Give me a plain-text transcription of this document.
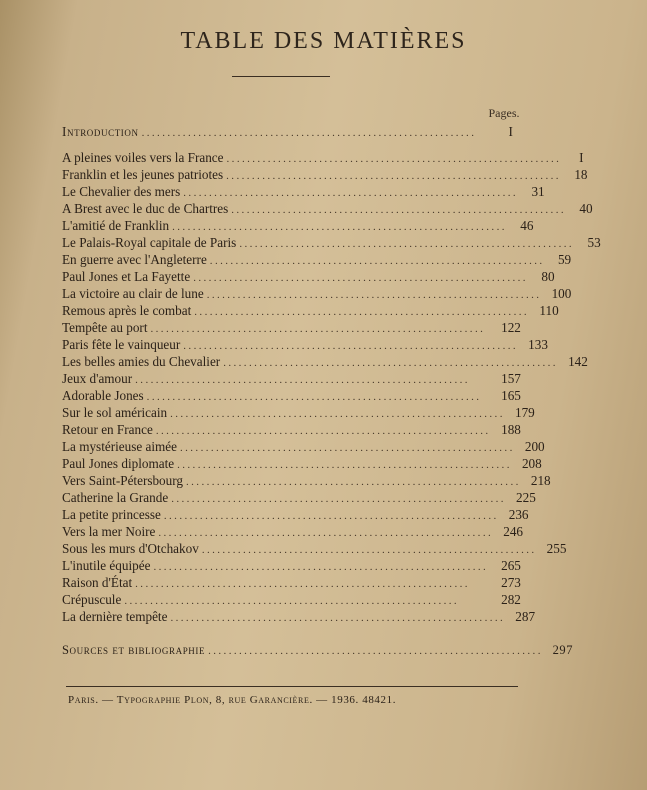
TABLE DES MATIÈRES
Pages.
Introduction .................................................................	I
A pleines voiles vers la France .................................................................	I
Franklin et les jeunes patriotes .................................................................	18
Le Chevalier des mers .................................................................	31
A Brest avec le duc de Chartres .................................................................	40
L'amitié de Franklin .................................................................	46
Le Palais-Royal capitale de Paris .................................................................	53
En guerre avec l'Angleterre .................................................................	59
Paul Jones et La Fayette .................................................................	80
La victoire au clair de lune ................................................................. 100
Remous après le combat ................................................................. 110
Tempête au port .................................................................	122
Paris fête le vainqueur ................................................................. 133
Les belles amies du Chevalier ................................................................. 142
Jeux d'amour .................................................................	157
Adorable Jones .................................................................	165
Sur le sol américain ................................................................. 179
Retour en France ................................................................. 188
La mystérieuse aimée ................................................................. 200
Paul Jones diplomate ................................................................. 208
Vers Saint-Pétersbourg ................................................................. 218
Catherine la Grande ................................................................. 225
La petite princesse ................................................................. 236
Vers la mer Noire ................................................................. 246
Sous les murs d'Otchakov ................................................................. 255
L'inutile équipée ................................................................. 265
Raison d'État .................................................................	273
Crépuscule .................................................................	282
La dernière tempête ................................................................. 287
Sources et bibliographie ................................................................. 297
Paris. — Typographie Plon, 8, rue Garancière. — 1936. 48421.
